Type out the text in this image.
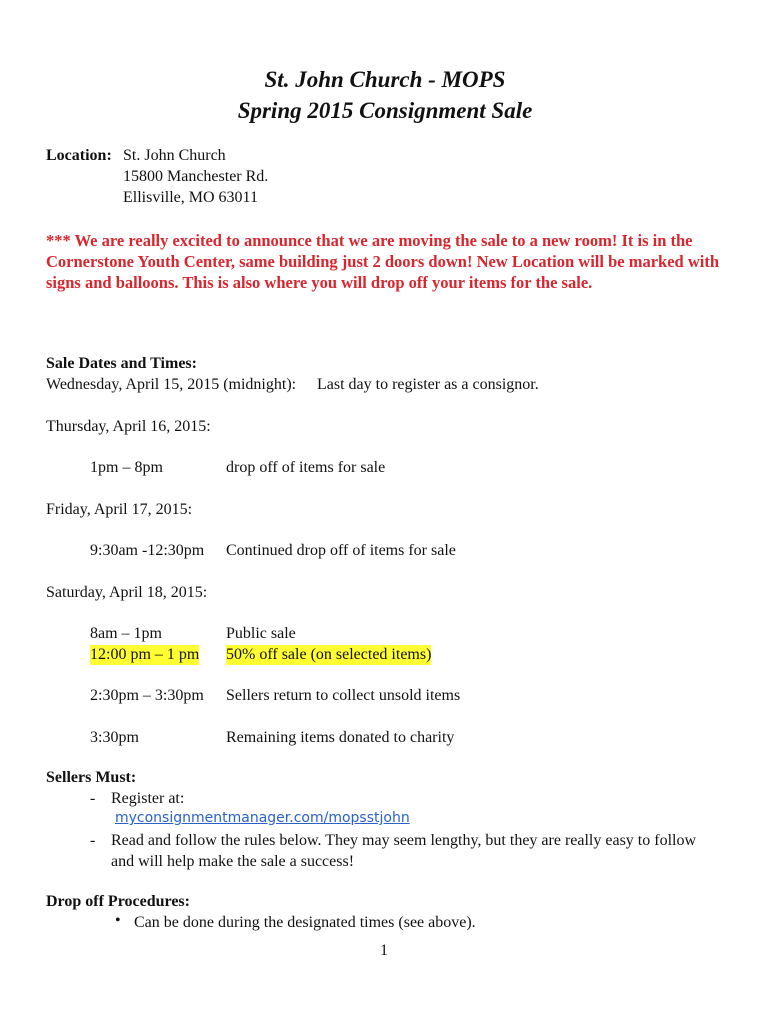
St. John Church - MOPS
Spring 2015 Consignment Sale
Location: St. John Church
15800 Manchester Rd.
Ellisville, MO 63011
*** We are really excited to announce that we are moving the sale to a new room! It is in the Cornerstone Youth Center, same building just 2 doors down! New Location will be marked with signs and balloons. This is also where you will drop off your items for the sale.
Sale Dates and Times:
Wednesday, April 15, 2015 (midnight): Last day to register as a consignor.
Thursday, April 16, 2015:
1pm – 8pm	drop off of items for sale
Friday, April 17, 2015:
9:30am -12:30pm Continued drop off of items for sale
Saturday, April 18, 2015:
8am – 1pm	Public sale
12:00 pm – 1 pm 50% off sale (on selected items)
2:30pm – 3:30pm Sellers return to collect unsold items
3:30pm	Remaining items donated to charity
Sellers Must:
- Register at:
myconsignmentmanager.com/mopsstjohn
- Read and follow the rules below. They may seem lengthy, but they are really easy to follow
and will help make the sale a success!
Drop off Procedures:
• Can be done during the designated times (see above).
1
